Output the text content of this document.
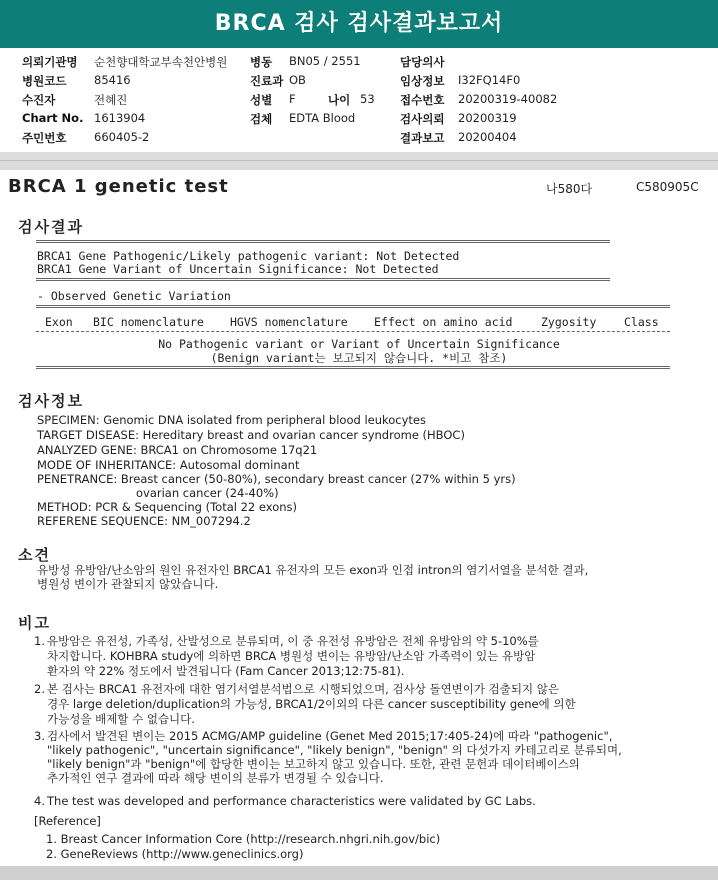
BRCA 검사 검사결과보고서
의뢰기관명 순천향대학교부속천안병원 병동 BN05 / 2551	담당의사
병원코드 85416	진료과 OB	임상정보 I32FQ14F0
수진자	전혜진	성별 F	나이 53 접수번호 20200319-40082
Chart No. 1613904	검체 EDTA Blood	검사의뢰 20200319
주민번호 660405-2	결과보고 20200404
BRCA 1 genetic test	나580다	C580905C
검사결과
BRCA1 Gene Pathogenic/Likely pathogenic variant: Not Detected
BRCA1 Gene Variant of Uncertain Significance: Not Detected
- Observed Genetic Variation
Exon BIC nomenclature HGVS nomenclature Effect on amino acid Zygosity Class
No Pathogenic variant or Variant of Uncertain Significance
(Benign variant는 보고되지 않습니다. *비고 참조)
검사정보
SPECIMEN: Genomic DNA isolated from peripheral blood leukocytes
TARGET DISEASE: Hereditary breast and ovarian cancer syndrome (HBOC)
ANALYZED GENE: BRCA1 on Chromosome 17q21
MODE OF INHERITANCE: Autosomal dominant
PENETRANCE: Breast cancer (50-80%), secondary breast cancer (27% within 5 yrs)
ovarian cancer (24-40%)
METHOD: PCR & Sequencing (Total 22 exons)
REFERENE SEQUENCE: NM_007294.2
소견
유방성 유방암/난소암의 원인 유전자인 BRCA1 유전자의 모든 exon과 인접 intron의 염기서열을 분석한 결과,
병원성 변이가 관찰되지 않았습니다.
비고
1. 유방암은 유전성, 가족성, 산발성으로 분류되며, 이 중 유전성 유방암은 전체 유방암의 약 5-10%를
차지합니다. KOHBRA study에 의하면 BRCA 병원성 변이는 유방암/난소암 가족력이 있는 유방암
환자의 약 22% 정도에서 발견됩니다 (Fam Cancer 2013;12:75-81).
2. 본 검사는 BRCA1 유전자에 대한 염기서열분석법으로 시행되었으며, 검사상 돌연변이가 검출되지 않은
경우 large deletion/duplication의 가능성, BRCA1/2이외의 다른 cancer susceptibility gene에 의한
가능성을 배제할 수 없습니다.
3. 검사에서 발견된 변이는 2015 ACMG/AMP guideline (Genet Med 2015;17:405-24)에 따라 "pathogenic",
"likely pathogenic", "uncertain significance", "likely benign", "benign" 의 다섯가지 카테고리로 분류되며,
"likely benign"과 "benign"에 합당한 변이는 보고하지 않고 있습니다. 또한, 관련 문헌과 데이터베이스의
추가적인 연구 결과에 따라 해당 변이의 분류가 변경될 수 있습니다.
4. The test was developed and performance characteristics were validated by GC Labs.
[Reference]
1. Breast Cancer Information Core (http://research.nhgri.nih.gov/bic)
2. GeneReviews (http://www.geneclinics.org)
